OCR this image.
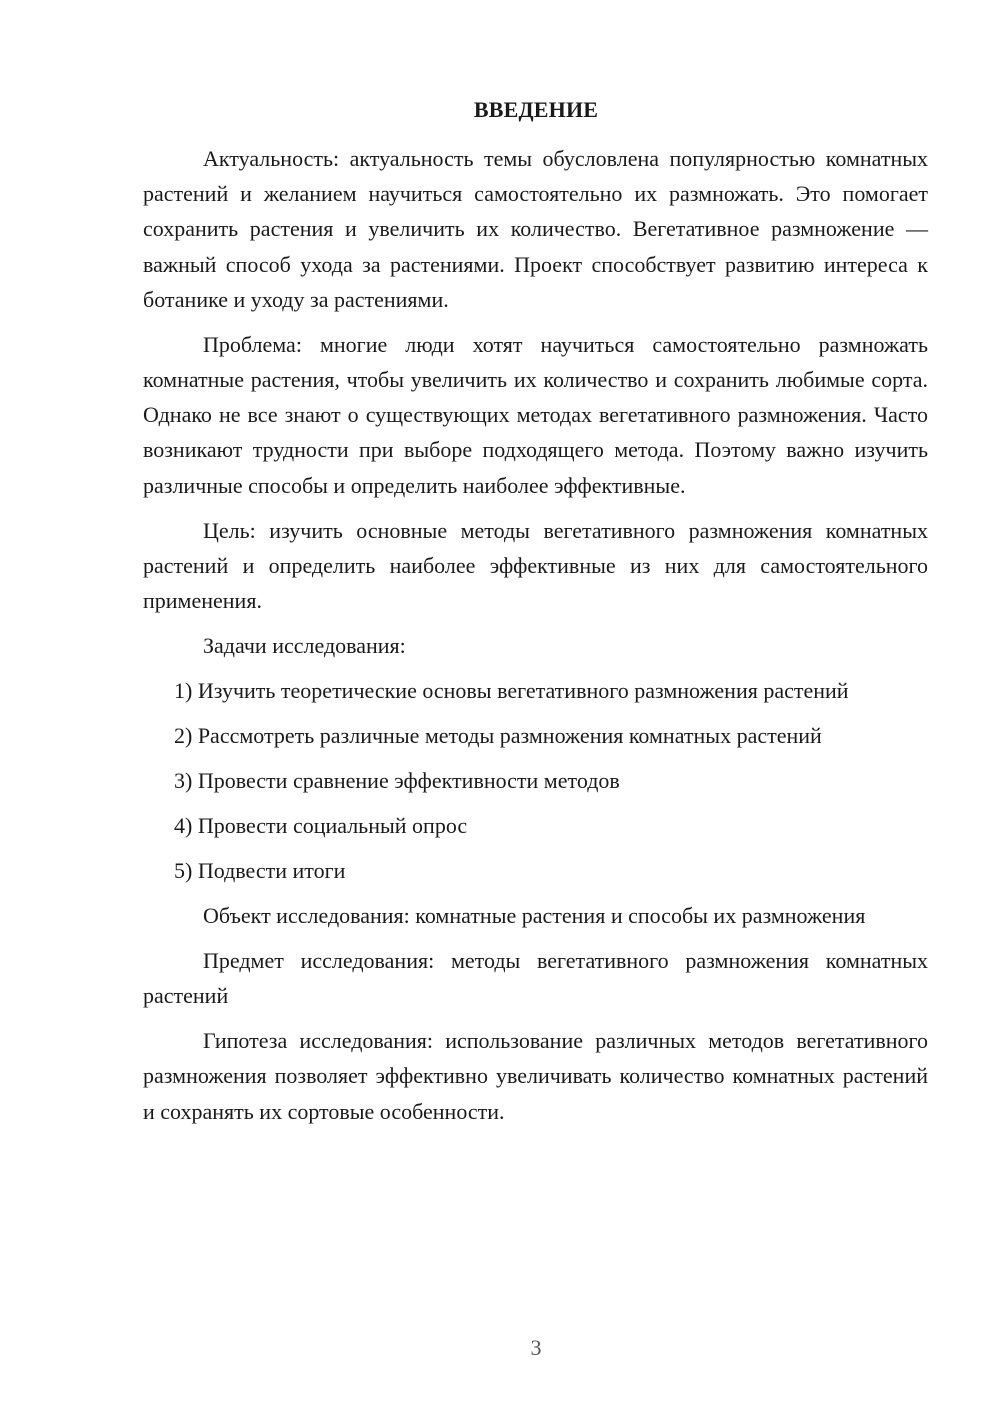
ВВЕДЕНИЕ

Актуальность: актуальность темы обусловлена популярностью комнатных растений и желанием научиться самостоятельно их размножать. Это помогает сохранить растения и увеличить их количество. Вегетативное размножение — важный способ ухода за растениями. Проект способствует развитию интереса к ботанике и уходу за растениями.

Проблема: многие люди хотят научиться самостоятельно размножать комнатные растения, чтобы увеличить их количество и сохранить любимые сорта. Однако не все знают о существующих методах вегетативного размножения. Часто возникают трудности при выборе подходящего метода. Поэтому важно изучить различные способы и определить наиболее эффективные.

Цель: изучить основные методы вегетативного размножения комнатных растений и определить наиболее эффективные из них для самостоятельного применения.

Задачи исследования:

1) Изучить теоретические основы вегетативного размножения растений

2) Рассмотреть различные методы размножения комнатных растений

3) Провести сравнение эффективности методов

4) Провести социальный опрос

5) Подвести итоги

Объект исследования: комнатные растения и способы их размножения

Предмет исследования: методы вегетативного размножения комнатных растений

Гипотеза исследования: использование различных методов вегетативного размножения позволяет эффективно увеличивать количество комнатных растений и сохранять их сортовые особенности.

3
